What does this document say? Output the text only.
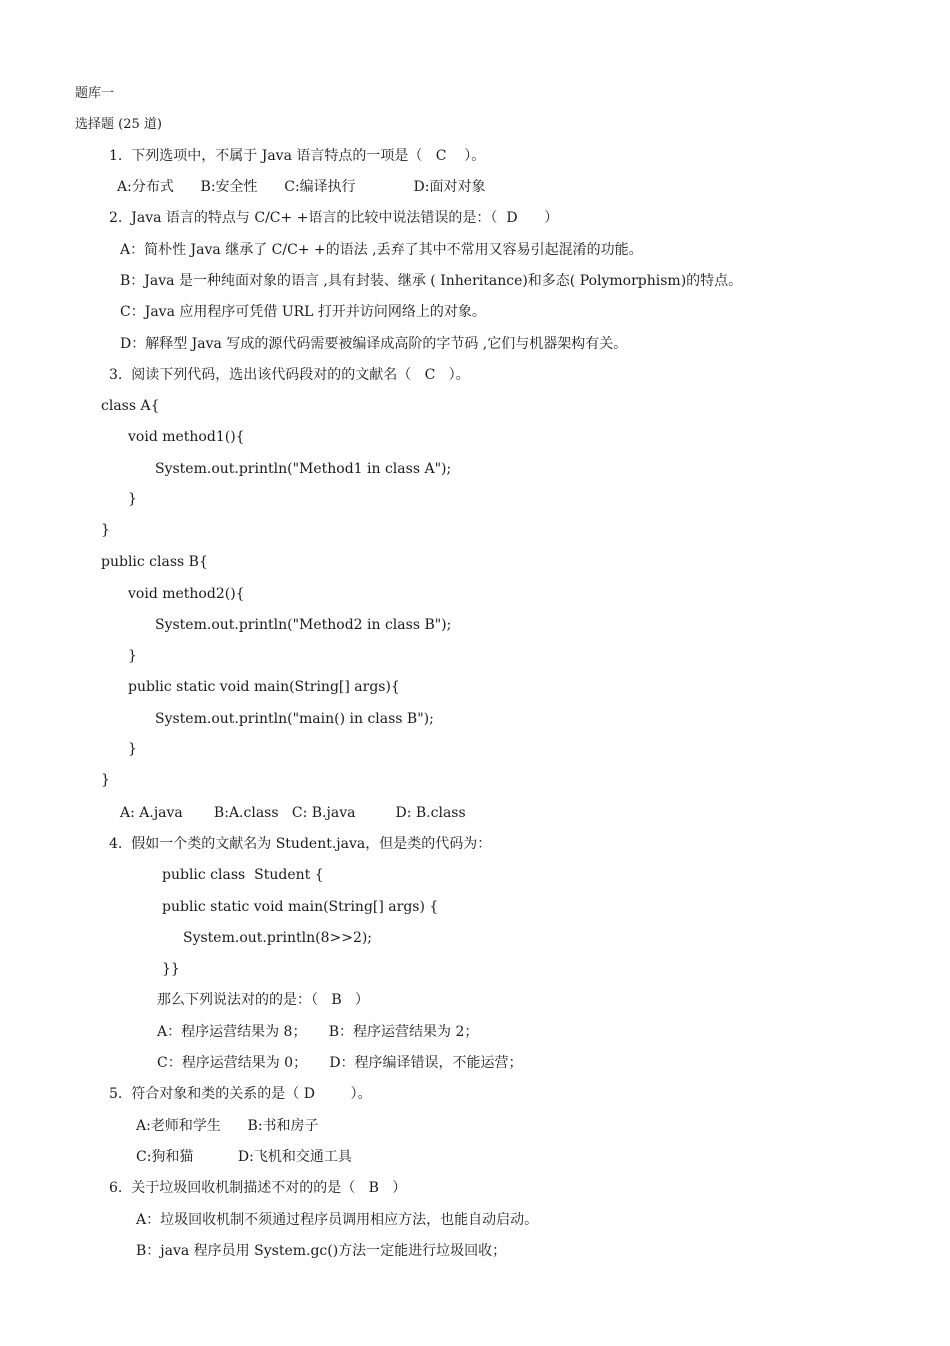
题库一
选择题 (25 道)
1.  下列选项中，不属于 Java 语言特点的一项是（   C    ）。
A:分布式      B:安全性      C:编译执行             D:面对对象
2.  Java 语言的特点与 C/C+ +语言的比较中说法错误的是：（  D      ）
A：简朴性 Java 继承了 C/C+ +的语法 ,丢弃了其中不常用又容易引起混淆的功能。
B：Java 是一种纯面对象的语言 ,具有封装、继承 ( Inheritance)和多态( Polymorphism)的特点。
C：Java 应用程序可凭借 URL 打开并访问网络上的对象。
D：解释型 Java 写成的源代码需要被编译成高阶的字节码 ,它们与机器架构有关。
3.  阅读下列代码，选出该代码段对的的文献名（   C   ）。
class A{
void method1(){
System.out.println("Method1 in class A");
}
}
public class B{
void method2(){
System.out.println("Method2 in class B");
}
public static void main(String[] args){
System.out.println("main() in class B");
}
}
A: A.java       B:A.class   C: B.java         D: B.class
4.  假如一个类的文献名为 Student.java，但是类的代码为：
public class  Student {
public static void main(String[] args) {
System.out.println(8>>2);
}}
那么下列说法对的的是：（   B   ）
A：程序运营结果为 8；     B：程序运营结果为 2；
C：程序运营结果为 0；     D：程序编译错误，不能运营；
5.  符合对象和类的关系的是（ D        ）。
A:老师和学生      B:书和房子
C:狗和猫          D:飞机和交通工具
6.  关于垃圾回收机制描述不对的的是（   B   ）
A：垃圾回收机制不须通过程序员调用相应方法，也能自动启动。
B：java 程序员用 System.gc()方法一定能进行垃圾回收；
